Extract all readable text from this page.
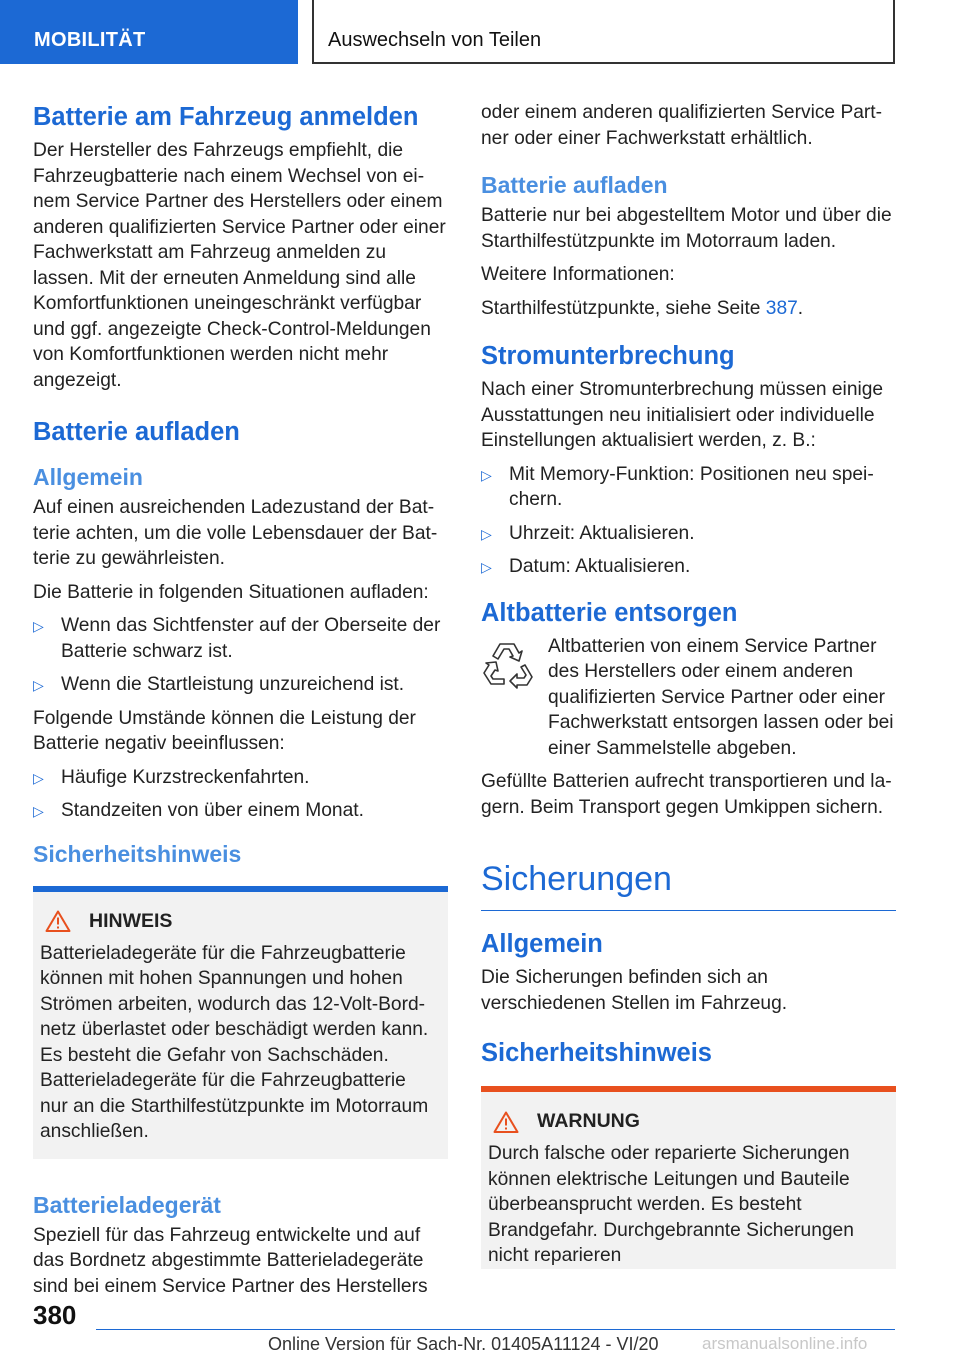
MOBILITÄT	Auswechseln von Teilen
Batterie am Fahrzeug anmelden

Der Hersteller des Fahrzeugs empfiehlt, die Fahrzeugbatterie nach einem Wechsel von einem Service Partner des Herstellers oder einem anderen qualifizierten Service Partner oder einer Fachwerkstatt am Fahrzeug anmelden zu lassen. Mit der erneuten Anmeldung sind alle Komfortfunktionen uneingeschränkt verfügbar und ggf. angezeigte Check-Control-Meldungen von Komfortfunktionen werden nicht mehr angezeigt.

Batterie aufladen
Allgemein

Auf einen ausreichenden Ladezustand der Batterie achten, um die volle Lebensdauer der Batterie zu gewährleisten.

Die Batterie in folgenden Situationen aufladen:

▷ Wenn das Sichtfenster auf der Oberseite der Batterie schwarz ist.
▷ Wenn die Startleistung unzureichend ist.

Folgende Umstände können die Leistung der Batterie negativ beeinflussen:

▷ Häufige Kurzstreckenfahrten.
▷ Standzeiten von über einem Monat.
Sicherheitshinweis
HINWEIS

Batterieladegeräte für die Fahrzeugbatterie können mit hohen Spannungen und hohen Strömen arbeiten, wodurch das 12-Volt-Bordnetz überlastet oder beschädigt werden kann. Es besteht die Gefahr von Sachschäden. Batterieladegeräte für die Fahrzeugbatterie nur an die Starthilfestützpunkte im Motorraum anschließen.

Batterieladegerät

Speziell für das Fahrzeug entwickelte und auf das Bordnetz abgestimmte Batterieladegeräte sind bei einem Service Partner des Herstellers

oder einem anderen qualifizierten Service Partner oder einer Fachwerkstatt erhältlich.

Batterie aufladen

Batterie nur bei abgestelltem Motor und über die Starthilfestützpunkte im Motorraum laden.

Weitere Informationen:

Starthilfestützpunkte, siehe Seite 387.

Stromunterbrechung

Nach einer Stromunterbrechung müssen einige Ausstattungen neu initialisiert oder individuelle Einstellungen aktualisiert werden, z. B.:

▷ Mit Memory-Funktion: Positionen neu speichern.
▷ Uhrzeit: Aktualisieren.
▷ Datum: Aktualisieren.
Altbatterie entsorgen

Altbatterien von einem Service Partner des Herstellers oder einem anderen qualifizierten Service Partner oder einer Fachwerkstatt entsorgen lassen oder bei einer Sammelstelle abgeben.

Gefüllte Batterien aufrecht transportieren und lagern. Beim Transport gegen Umkippen sichern.

Sicherungen
Allgemein

Die Sicherungen befinden sich an verschiedenen Stellen im Fahrzeug.

Sicherheitshinweis
WARNUNG

Durch falsche oder reparierte Sicherungen können elektrische Leitungen und Bauteile überbeansprucht werden. Es besteht Brandgefahr. Durchgebrannte Sicherungen nicht reparieren

380
Online Version für Sach-Nr. 01405A11124 - VI/20	arsmanualsonline.info
